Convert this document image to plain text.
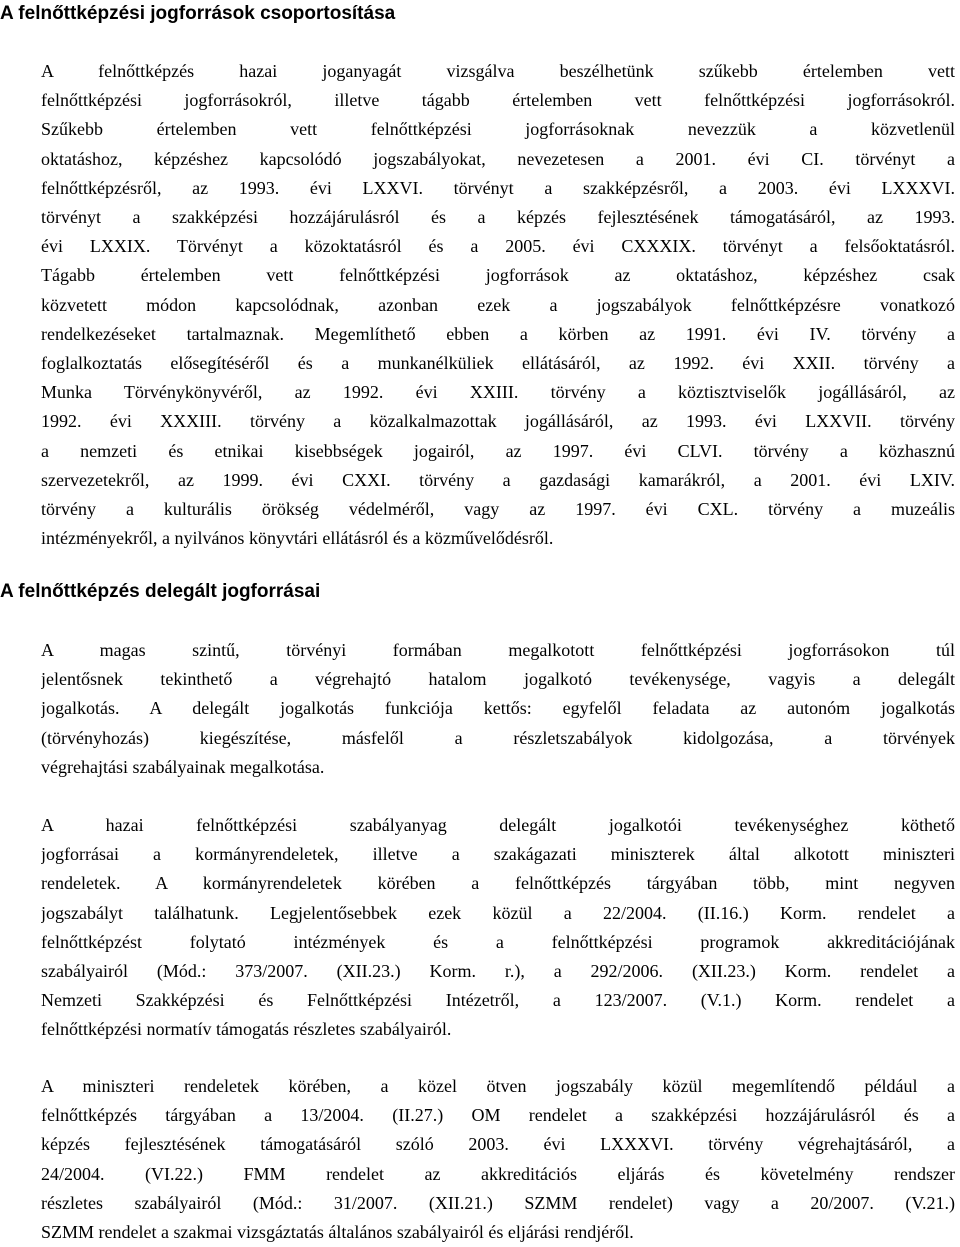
A felnőttképzési jogforrások csoportosítása
A felnőttképzés hazai joganyagát vizsgálva beszélhetünk szűkebb értelemben vett
felnőttképzési jogforrásokról, illetve tágabb értelemben vett felnőttképzési jogforrásokról.
Szűkebb értelemben vett felnőttképzési jogforrásoknak nevezzük a közvetlenül
oktatáshoz, képzéshez kapcsolódó jogszabályokat, nevezetesen a 2001. évi CI. törvényt a
felnőttképzésről, az 1993. évi LXXVI. törvényt a szakképzésről, a 2003. évi LXXXVI.
törvényt a szakképzési hozzájárulásról és a képzés fejlesztésének támogatásáról, az 1993.
évi LXXIX. Törvényt a közoktatásról és a 2005. évi CXXXIX. törvényt a felsőoktatásról.
Tágabb értelemben vett felnőttképzési jogforrások az oktatáshoz, képzéshez csak
közvetett módon kapcsolódnak, azonban ezek a jogszabályok felnőttképzésre vonatkozó
rendelkezéseket tartalmaznak. Megemlíthető ebben a körben az 1991. évi IV. törvény a
foglalkoztatás elősegítéséről és a munkanélküliek ellátásáról, az 1992. évi XXII. törvény a
Munka Törvénykönyvéről, az 1992. évi XXIII. törvény a köztisztviselők jogállásáról, az
1992. évi XXXIII. törvény a közalkalmazottak jogállásáról, az 1993. évi LXXVII. törvény
a nemzeti és etnikai kisebbségek jogairól, az 1997. évi CLVI. törvény a közhasznú
szervezetekről, az 1999. évi CXXI. törvény a gazdasági kamarákról, a 2001. évi LXIV.
törvény a kulturális örökség védelméről, vagy az 1997. évi CXL. törvény a muzeális
intézményekről, a nyilvános könyvtári ellátásról és a közművelődésről.
A felnőttképzés delegált jogforrásai
A magas szintű, törvényi formában megalkotott felnőttképzési jogforrásokon túl
jelentősnek tekinthető a végrehajtó hatalom jogalkotó tevékenysége, vagyis a delegált
jogalkotás. A delegált jogalkotás funkciója kettős: egyfelől feladata az autonóm jogalkotás
(törvényhozás) kiegészítése, másfelől a részletszabályok kidolgozása, a törvények
végrehajtási szabályainak megalkotása.
A hazai felnőttképzési szabályanyag delegált jogalkotói tevékenységhez köthető
jogforrásai a kormányrendeletek, illetve a szakágazati miniszterek által alkotott miniszteri
rendeletek. A kormányrendeletek körében a felnőttképzés tárgyában több, mint negyven
jogszabályt találhatunk. Legjelentősebbek ezek közül a 22/2004. (II.16.) Korm. rendelet a
felnőttképzést folytató intézmények és a felnőttképzési programok akkreditációjának
szabályairól (Mód.: 373/2007. (XII.23.) Korm. r.), a 292/2006. (XII.23.) Korm. rendelet a
Nemzeti Szakképzési és Felnőttképzési Intézetről, a 123/2007. (V.1.) Korm. rendelet a
felnőttképzési normatív támogatás részletes szabályairól.
A miniszteri rendeletek körében, a közel ötven jogszabály közül megemlítendő például a
felnőttképzés tárgyában a 13/2004. (II.27.) OM rendelet a szakképzési hozzájárulásról és a
képzés fejlesztésének támogatásáról szóló 2003. évi LXXXVI. törvény végrehajtásáról, a
24/2004. (VI.22.) FMM rendelet az akkreditációs eljárás és követelmény rendszer
részletes szabályairól (Mód.: 31/2007. (XII.21.) SZMM rendelet) vagy a 20/2007. (V.21.)
SZMM rendelet a szakmai vizsgáztatás általános szabályairól és eljárási rendjéről.
